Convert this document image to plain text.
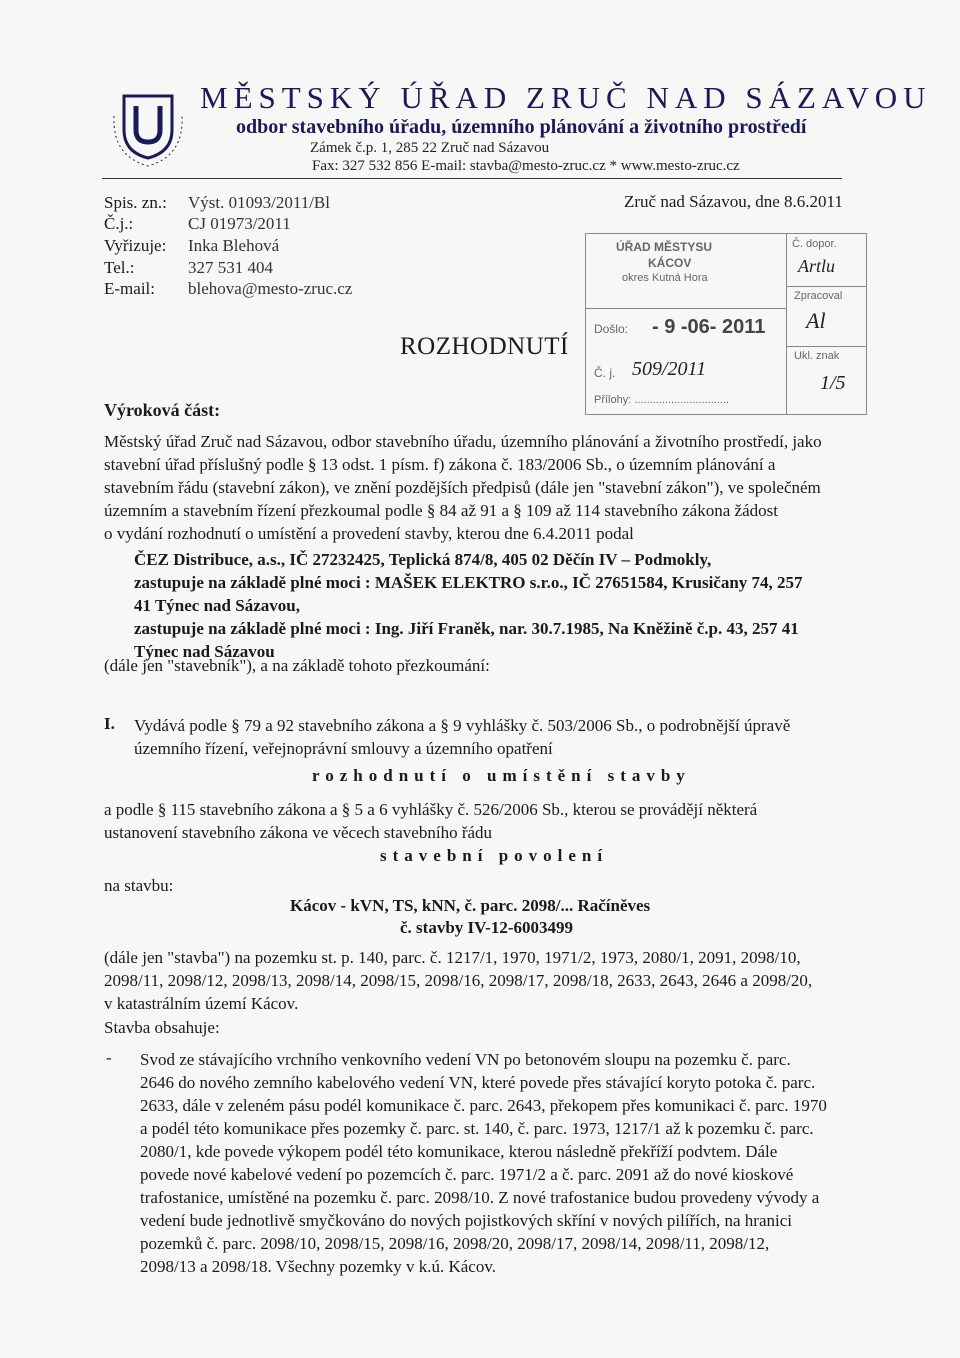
MĚSTSKÝ ÚŘAD ZRUČ NAD SÁZAVOU
odbor stavebního úřadu, územního plánování a životního prostředí
Zámek č.p. 1, 285 22 Zruč nad Sázavou
Fax: 327 532 856 E-mail: stavba@mesto-zruc.cz * www.mesto-zruc.cz
Spis. zn.: Výst. 01093/2011/Bl
Č.j.:	CJ 01973/2011
Vyřizuje: Inka Blehová
Tel.:	327 531 404
E-mail: blehova@mesto-zruc.cz
Zruč nad Sázavou, dne 8.6.2011
ÚŘAD MĚSTYSU
KÁCOV
okres Kutná Hora
Došlo: - 9 -06- 2011
Č. j. 509/2011
Přílohy: ...............................
Č. dopor.
Artlu
Zpracoval
Al
Ukl. znak
1/5
ROZHODNUTÍ
Výroková část:
Městský úřad Zruč nad Sázavou, odbor stavebního úřadu, územního plánování a životního prostředí, jako
stavební úřad příslušný podle § 13 odst. 1 písm. f) zákona č. 183/2006 Sb., o územním plánování a
stavebním řádu (stavební zákon), ve znění pozdějších předpisů (dále jen "stavební zákon"), ve společném
územním a stavebním řízení přezkoumal podle § 84 až 91 a § 109 až 114 stavebního zákona žádost
o vydání rozhodnutí o umístění a provedení stavby, kterou dne 6.4.2011 podal
ČEZ Distribuce, a.s., IČ 27232425, Teplická 874/8, 405 02 Děčín IV – Podmokly,
zastupuje na základě plné moci : MAŠEK ELEKTRO s.r.o., IČ 27651584, Krusičany 74, 257
41 Týnec nad Sázavou,
zastupuje na základě plné moci : Ing. Jiří Franěk, nar. 30.7.1985, Na Kněžině č.p. 43, 257 41
Týnec nad Sázavou
(dále jen "stavebník"), a na základě tohoto přezkoumání:
I. Vydává podle § 79 a 92 stavebního zákona a § 9 vyhlášky č. 503/2006 Sb., o podrobnější úpravě
územního řízení, veřejnoprávní smlouvy a územního opatření
rozhodnutí o umístění stavby
a podle § 115 stavebního zákona a § 5 a 6 vyhlášky č. 526/2006 Sb., kterou se provádějí některá
ustanovení stavebního zákona ve věcech stavebního řádu
stavební povolení
na stavbu:
Kácov - kVN, TS, kNN, č. parc. 2098/... Račíněves
č. stavby IV-12-6003499
(dále jen "stavba") na pozemku st. p. 140, parc. č. 1217/1, 1970, 1971/2, 1973, 2080/1, 2091, 2098/10,
2098/11, 2098/12, 2098/13, 2098/14, 2098/15, 2098/16, 2098/17, 2098/18, 2633, 2643, 2646 a 2098/20,
v katastrálním území Kácov.
Stavba obsahuje:
- Svod ze stávajícího vrchního venkovního vedení VN po betonovém sloupu na pozemku č. parc.
2646 do nového zemního kabelového vedení VN, které povede přes stávající koryto potoka č. parc.
2633, dále v zeleném pásu podél komunikace č. parc. 2643, překopem přes komunikaci č. parc. 1970
a podél této komunikace přes pozemky č. parc. st. 140, č. parc. 1973, 1217/1 až k pozemku č. parc.
2080/1, kde povede výkopem podél této komunikace, kterou následně překříží podvtem. Dále
povede nové kabelové vedení po pozemcích č. parc. 1971/2 a č. parc. 2091 až do nové kioskové
trafostanice, umístěné na pozemku č. parc. 2098/10. Z nové trafostanice budou provedeny vývody a
vedení bude jednotlivě smyčkováno do nových pojistkových skříní v nových pilířích, na hranici
pozemků č. parc. 2098/10, 2098/15, 2098/16, 2098/20, 2098/17, 2098/14, 2098/11, 2098/12,
2098/13 a 2098/18. Všechny pozemky v k.ú. Kácov.
